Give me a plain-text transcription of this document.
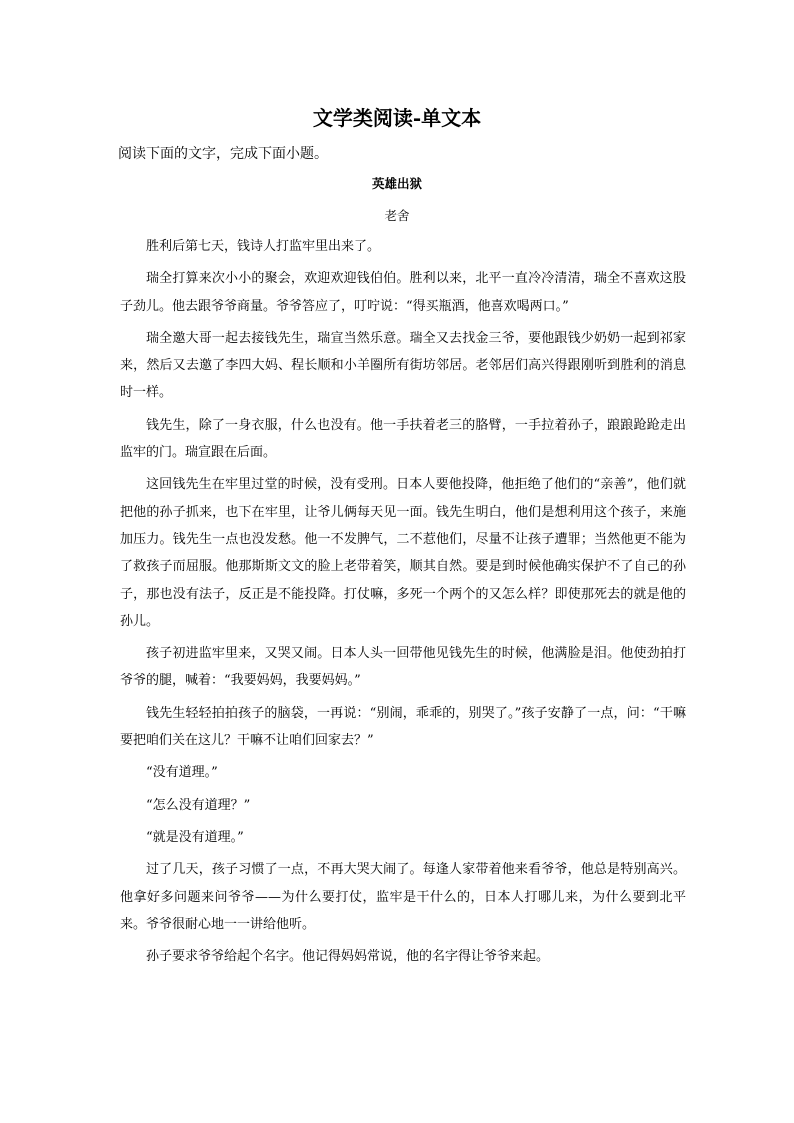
文学类阅读-单文本

阅读下面的文字，完成下面小题。

英雄出狱

老舍

胜利后第七天，钱诗人打监牢里出来了。

瑞全打算来次小小的聚会，欢迎欢迎钱伯伯。胜利以来，北平一直冷冷清清，瑞全不喜欢这股子劲儿。他去跟爷爷商量。爷爷答应了，叮咛说：“得买瓶酒，他喜欢喝两口。”

瑞全邀大哥一起去接钱先生，瑞宣当然乐意。瑞全又去找金三爷，要他跟钱少奶奶一起到祁家来，然后又去邀了李四大妈、程长顺和小羊圈所有街坊邻居。老邻居们高兴得跟刚听到胜利的消息时一样。

钱先生，除了一身衣服，什么也没有。他一手扶着老三的胳臂，一手拉着孙子，踉踉跄跄走出监牢的门。瑞宣跟在后面。

这回钱先生在牢里过堂的时候，没有受刑。日本人要他投降，他拒绝了他们的“亲善”，他们就把他的孙子抓来，也下在牢里，让爷儿俩每天见一面。钱先生明白，他们是想利用这个孩子，来施加压力。钱先生一点也没发愁。他一不发脾气，二不惹他们，尽量不让孩子遭罪；当然他更不能为了救孩子而屈服。他那斯斯文文的脸上老带着笑，顺其自然。要是到时候他确实保护不了自己的孙子，那也没有法子，反正是不能投降。打仗嘛，多死一个两个的又怎么样？即使那死去的就是他的孙儿。

孩子初进监牢里来，又哭又闹。日本人头一回带他见钱先生的时候，他满脸是泪。他使劲拍打爷爷的腿，喊着：“我要妈妈，我要妈妈。”

钱先生轻轻拍拍孩子的脑袋，一再说：“别闹，乖乖的，别哭了。”孩子安静了一点，问：“干嘛要把咱们关在这儿？干嘛不让咱们回家去？”

“没有道理。”

“怎么没有道理？”

“就是没有道理。”

过了几天，孩子习惯了一点，不再大哭大闹了。每逢人家带着他来看爷爷，他总是特别高兴。他拿好多问题来问爷爷——为什么要打仗，监牢是干什么的，日本人打哪儿来，为什么要到北平来。爷爷很耐心地一一讲给他听。

孙子要求爷爷给起个名字。他记得妈妈常说，他的名字得让爷爷来起。
